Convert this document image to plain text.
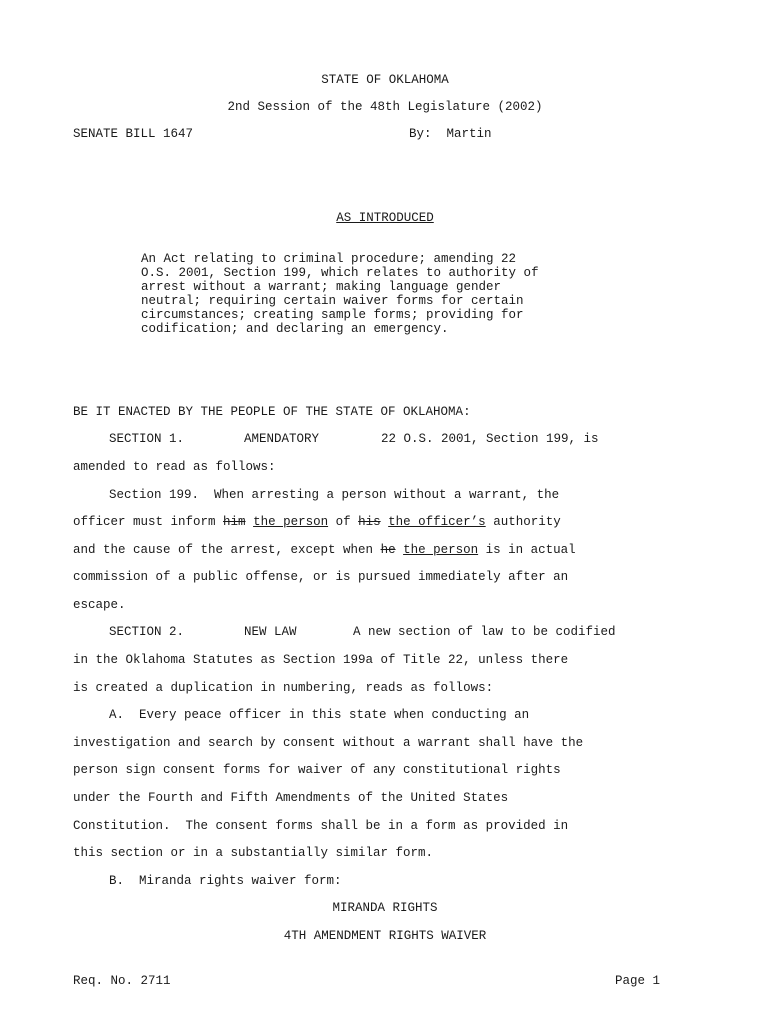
STATE OF OKLAHOMA
2nd Session of the 48th Legislature (2002)
SENATE BILL 1647	By:  Martin
AS INTRODUCED

An Act relating to criminal procedure; amending 22
O.S. 2001, Section 199, which relates to authority of
arrest without a warrant; making language gender
neutral; requiring certain waiver forms for certain
circumstances; creating sample forms; providing for
codification; and declaring an emergency.

BE IT ENACTED BY THE PEOPLE OF THE STATE OF OKLAHOMA:
SECTION 1.	AMENDATORY	22 O.S. 2001, Section 199, is
amended to read as follows:
Section 199.  When arresting a person without a warrant, the
officer must inform him the person of his the officer’s authority
and the cause of the arrest, except when he the person is in actual
commission of a public offense, or is pursued immediately after an
escape.
SECTION 2.	NEW LAW	A new section of law to be codified
in the Oklahoma Statutes as Section 199a of Title 22, unless there
is created a duplication in numbering, reads as follows:
A.  Every peace officer in this state when conducting an
investigation and search by consent without a warrant shall have the
person sign consent forms for waiver of any constitutional rights
under the Fourth and Fifth Amendments of the United States
Constitution.  The consent forms shall be in a form as provided in
this section or in a substantially similar form.
B.  Miranda rights waiver form:
MIRANDA RIGHTS
4TH AMENDMENT RIGHTS WAIVER
Req. No. 2711	Page 1
